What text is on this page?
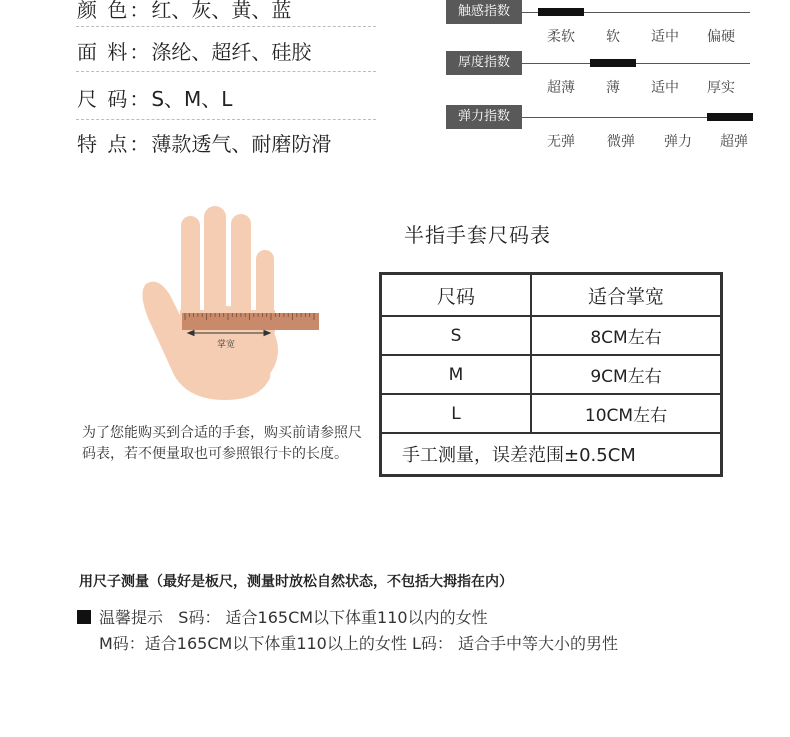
颜 色：红、灰、黄、蓝
面 料：涤纶、超纤、硅胶
尺 码：S、M、L
特 点：薄款透气、耐磨防滑
触感指数
柔软 软 适中 偏硬
厚度指数
超薄 薄 适中 厚实
弹力指数
无弹 微弹 弹力 超弹
掌宽
为了您能购买到合适的手套，购买前请参照尺码表，若不便量取也可参照银行卡的长度。
半指手套尺码表
尺码	适合掌宽
S	8CM左右
M	9CM左右
L	10CM左右
手工测量，误差范围±0.5CM	
用尺子测量（最好是板尺，测量时放松自然状态，不包括大拇指在内）
温馨提示 S码： 适合165CM以下体重110以内的女性
M码：适合165CM以下体重110以上的女性 L码： 适合手中等大小的男性
